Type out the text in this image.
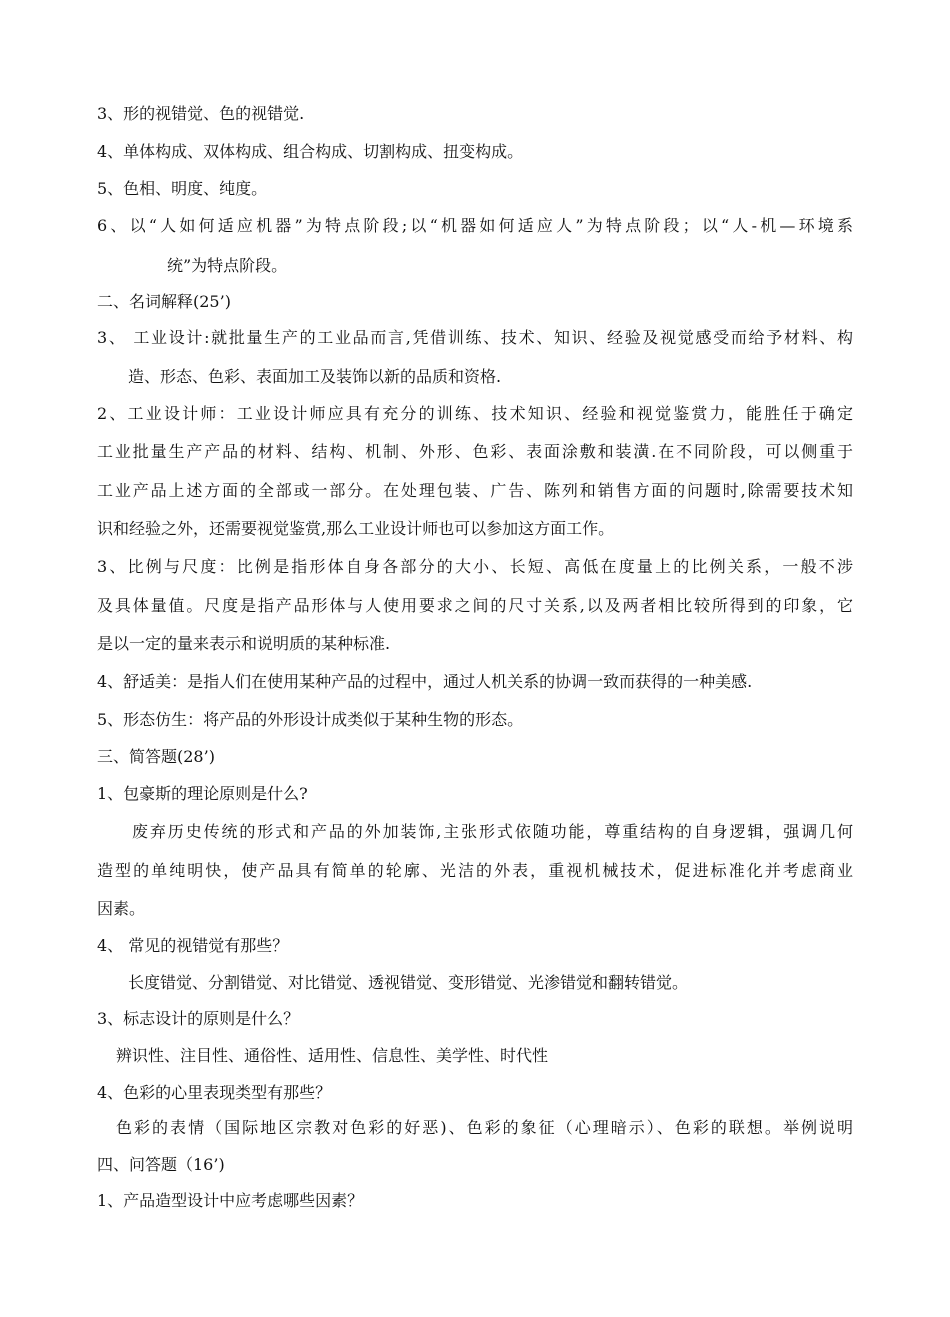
3、形的视错觉、色的视错觉.
4、单体构成、双体构成、组合构成、切割构成、扭变构成。
5、色相、明度、纯度。
6、以“人如何适应机器”为特点阶段;以“机器如何适应人”为特点阶段；以“人-机—环境系
统”为特点阶段。
二、名词解释(25’)
3、 工业设计:就批量生产的工业品而言,凭借训练、技术、知识、经验及视觉感受而给予材料、构
造、形态、色彩、表面加工及装饰以新的品质和资格.
2、工业设计师：工业设计师应具有充分的训练、技术知识、经验和视觉鉴赏力，能胜任于确定
工业批量生产产品的材料、结构、机制、外形、色彩、表面涂敷和装潢.在不同阶段，可以侧重于
工业产品上述方面的全部或一部分。在处理包装、广告、陈列和销售方面的问题时,除需要技术知
识和经验之外，还需要视觉鉴赏,那么工业设计师也可以参加这方面工作。
3、比例与尺度：比例是指形体自身各部分的大小、长短、高低在度量上的比例关系，一般不涉
及具体量值。尺度是指产品形体与人使用要求之间的尺寸关系,以及两者相比较所得到的印象，它
是以一定的量来表示和说明质的某种标准.
4、舒适美：是指人们在使用某种产品的过程中，通过人机关系的协调一致而获得的一种美感.
5、形态仿生：将产品的外形设计成类似于某种生物的形态。
三、简答题(28’)
1、包豪斯的理论原则是什么?
废弃历史传统的形式和产品的外加装饰,主张形式依随功能，尊重结构的自身逻辑，强调几何
造型的单纯明快，使产品具有简单的轮廓、光洁的外表，重视机械技术，促进标准化并考虑商业
因素。
4、 常见的视错觉有那些？
长度错觉、分割错觉、对比错觉、透视错觉、变形错觉、光渗错觉和翻转错觉。
3、标志设计的原则是什么？
辨识性、注目性、通俗性、适用性、信息性、美学性、时代性
4、色彩的心里表现类型有那些？
色彩的表情（国际地区宗教对色彩的好恶)、色彩的象征（心理暗示）、色彩的联想。举例说明
四、问答题（16’)
1、产品造型设计中应考虑哪些因素？
